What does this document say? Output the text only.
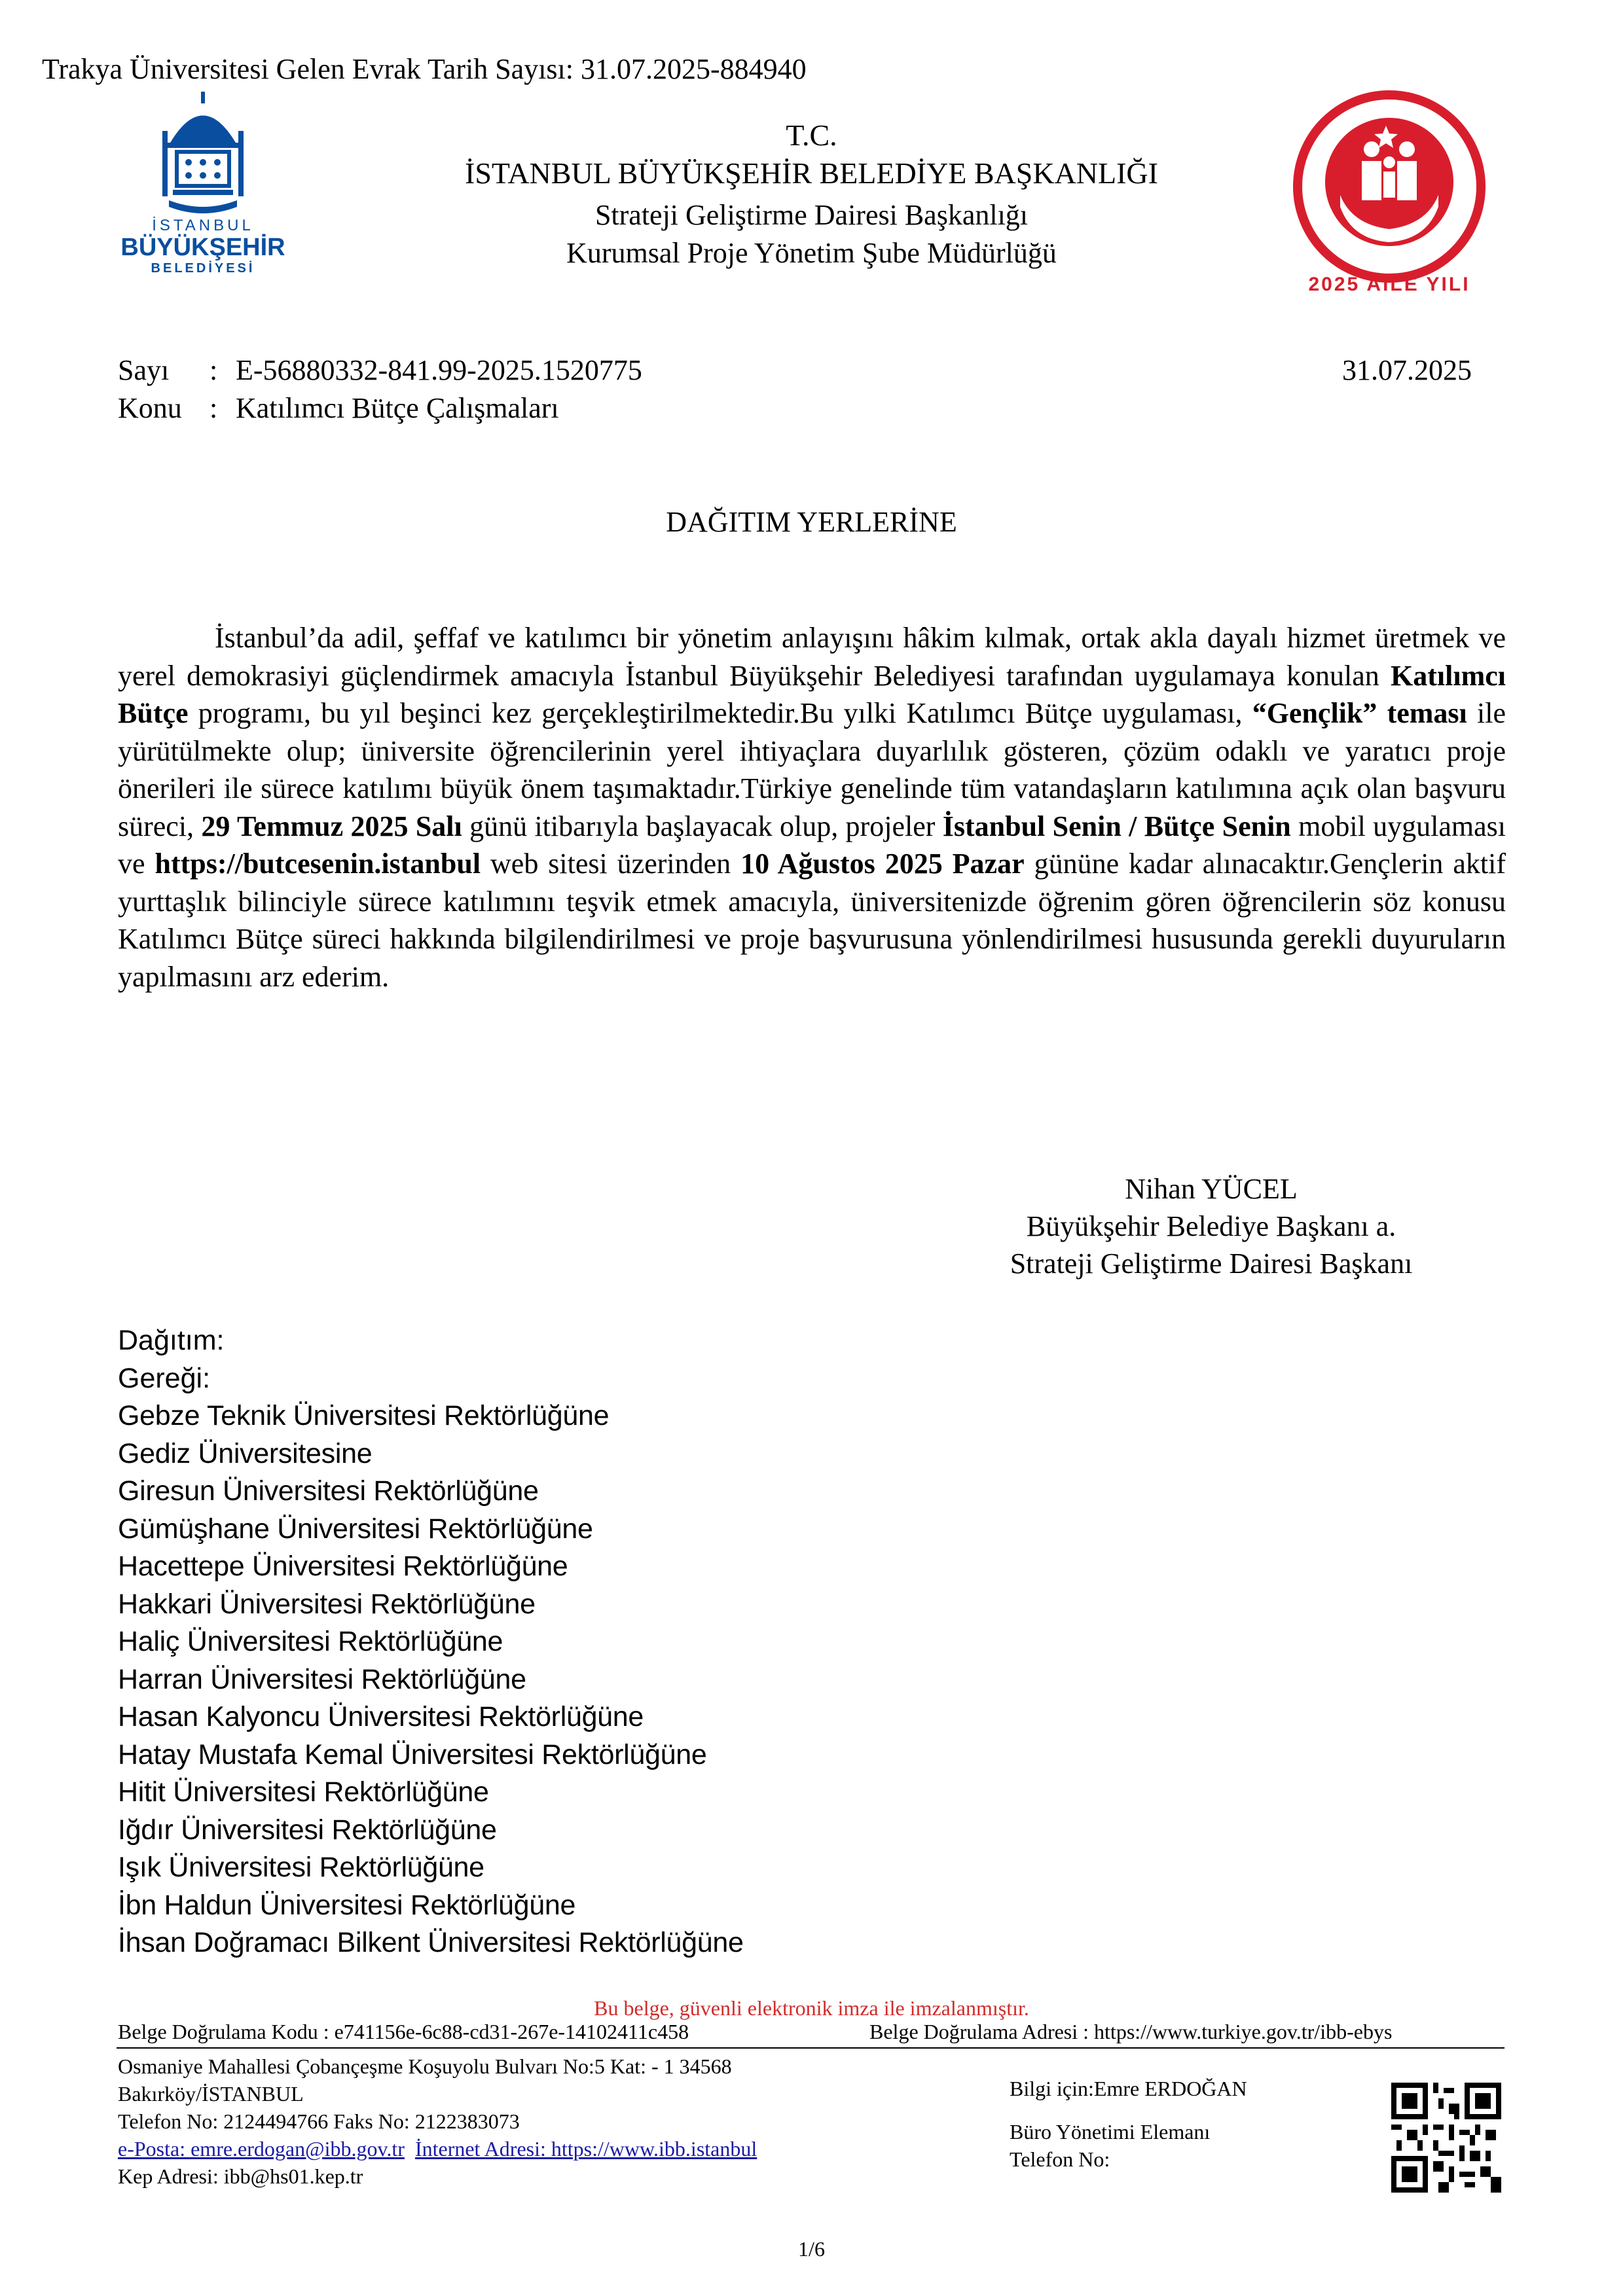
Trakya Üniversitesi Gelen Evrak Tarih Sayısı: 31.07.2025-884940
İSTANBUL
BÜYÜKŞEHİR
BELEDİYESİ
2025 AİLE YILI
T.C.
İSTANBUL BÜYÜKŞEHİR BELEDİYE BAŞKANLIĞI
Strateji Geliştirme Dairesi Başkanlığı
Kurumsal Proje Yönetim Şube Müdürlüğü
Sayı : E-56880332-841.99-2025.1520775
Konu : Katılımcı Bütçe Çalışmaları
31.07.2025
DAĞITIM YERLERİNE
İstanbul’da adil, şeffaf ve katılımcı bir yönetim anlayışını hâkim kılmak, ortak akla dayalı hizmet üretmek ve yerel demokrasiyi güçlendirmek amacıyla İstanbul Büyükşehir Belediyesi tarafından uygulamaya konulan Katılımcı Bütçe programı, bu yıl beşinci kez gerçekleştirilmektedir.Bu yılki Katılımcı Bütçe uygulaması, “Gençlik” teması ile yürütülmekte olup; üniversite öğrencilerinin yerel ihtiyaçlara duyarlılık gösteren, çözüm odaklı ve yaratıcı proje önerileri ile sürece katılımı büyük önem taşımaktadır.Türkiye genelinde tüm vatandaşların katılımına açık olan başvuru süreci, 29 Temmuz 2025 Salı günü itibarıyla başlayacak olup, projeler İstanbul Senin / Bütçe Senin mobil uygulaması ve https://butcesenin.istanbul web sitesi üzerinden 10 Ağustos 2025 Pazar gününe kadar alınacaktır.Gençlerin aktif yurttaşlık bilinciyle sürece katılımını teşvik etmek amacıyla, üniversitenizde öğrenim gören öğrencilerin söz konusu Katılımcı Bütçe süreci hakkında bilgilendirilmesi ve proje başvurusuna yönlendirilmesi hususunda gerekli duyuruların yapılmasını arz ederim.
Nihan YÜCEL
Büyükşehir Belediye Başkanı a.
Strateji Geliştirme Dairesi Başkanı
Dağıtım:
Gereği:
Gebze Teknik Üniversitesi Rektörlüğüne
Gediz Üniversitesine
Giresun Üniversitesi Rektörlüğüne
Gümüşhane Üniversitesi Rektörlüğüne
Hacettepe Üniversitesi Rektörlüğüne
Hakkari Üniversitesi Rektörlüğüne
Haliç Üniversitesi Rektörlüğüne
Harran Üniversitesi Rektörlüğüne
Hasan Kalyoncu Üniversitesi Rektörlüğüne
Hatay Mustafa Kemal Üniversitesi Rektörlüğüne
Hitit Üniversitesi Rektörlüğüne
Iğdır Üniversitesi Rektörlüğüne
Işık Üniversitesi Rektörlüğüne
İbn Haldun Üniversitesi Rektörlüğüne
İhsan Doğramacı Bilkent Üniversitesi Rektörlüğüne
Bu belge, güvenli elektronik imza ile imzalanmıştır.
Belge Doğrulama Kodu : e741156e-6c88-cd31-267e-14102411c458	Belge Doğrulama Adresi : https://www.turkiye.gov.tr/ibb-ebys
Osmaniye Mahallesi Çobançeşme Koşuyolu Bulvarı No:5 Kat: - 1 34568
Bakırköy/İSTANBUL
Telefon No: 2124494766 Faks No: 2122383073
e-Posta: emre.erdogan@ibb.gov.tr İnternet Adresi: https://www.ibb.istanbul
Kep Adresi: ibb@hs01.kep.tr
Bilgi için:Emre ERDOĞAN
Büro Yönetimi Elemanı
Telefon No:
1/6
